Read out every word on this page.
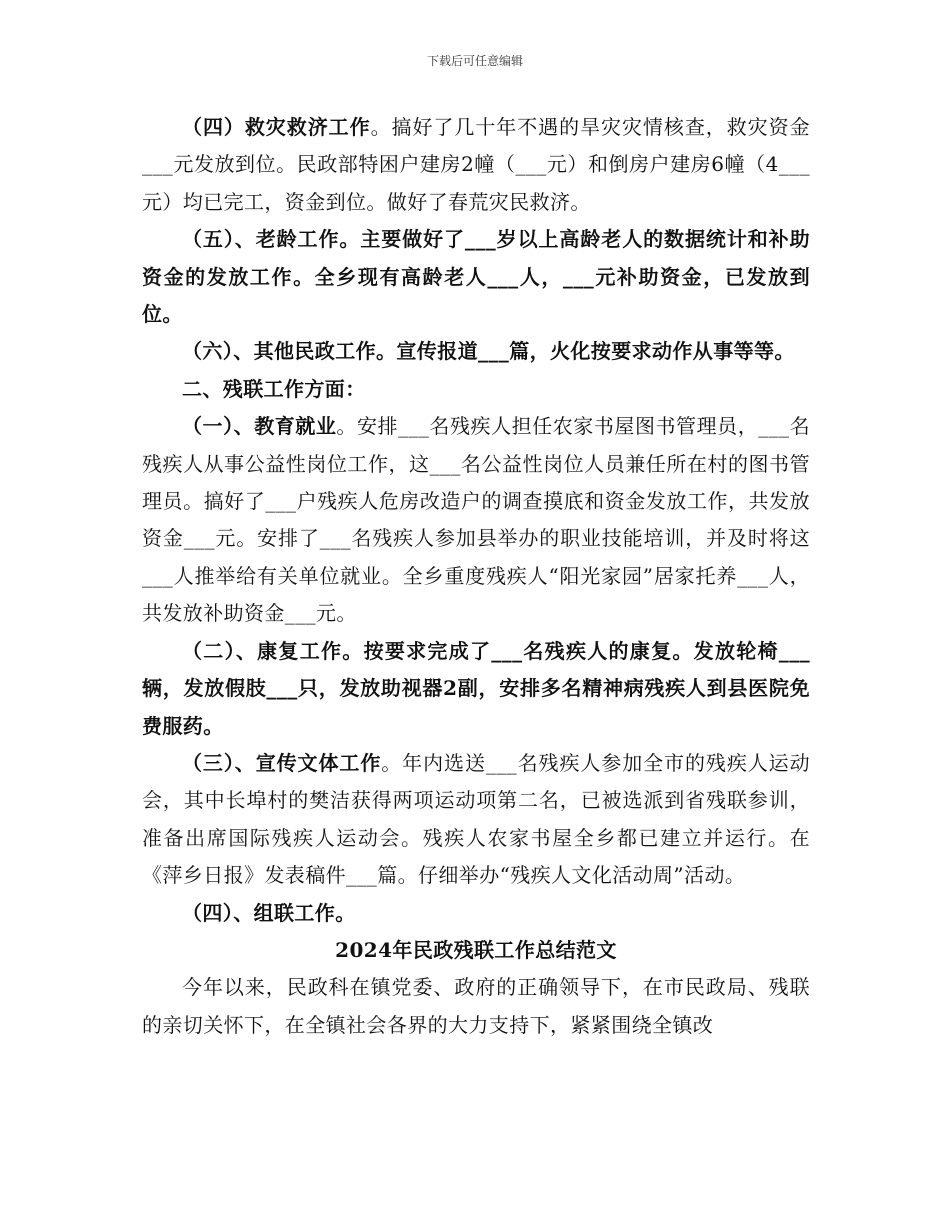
下载后可任意编辑

（四）救灾救济工作。搞好了几十年不遇的旱灾灾情核查，救灾资金___元发放到位。民政部特困户建房2幢（___元）和倒房户建房6幢（4___元）均已完工，资金到位。做好了春荒灾民救济。

（五）、老龄工作。主要做好了___岁以上高龄老人的数据统计和补助资金的发放工作。全乡现有高龄老人___人，___元补助资金，已发放到位。

（六）、其他民政工作。宣传报道___篇，火化按要求动作从事等等。

二、残联工作方面：

（一）、教育就业。安排___名残疾人担任农家书屋图书管理员，___名残疾人从事公益性岗位工作，这___名公益性岗位人员兼任所在村的图书管理员。搞好了___户残疾人危房改造户的调查摸底和资金发放工作，共发放资金___元。安排了___名残疾人参加县举办的职业技能培训，并及时将这___人推举给有关单位就业。全乡重度残疾人“阳光家园”居家托养___人，共发放补助资金___元。

（二）、康复工作。按要求完成了___名残疾人的康复。发放轮椅___辆，发放假肢___只，发放助视器2副，安排多名精神病残疾人到县医院免费服药。

（三）、宣传文体工作。年内选送___名残疾人参加全市的残疾人运动会，其中长埠村的樊洁获得两项运动项第二名，已被选派到省残联参训，准备出席国际残疾人运动会。残疾人农家书屋全乡都已建立并运行。在《萍乡日报》发表稿件___篇。仔细举办“残疾人文化活动周”活动。

（四）、组联工作。

2024年民政残联工作总结范文

今年以来，民政科在镇党委、政府的正确领导下，在市民政局、残联的亲切关怀下，在全镇社会各界的大力支持下，紧紧围绕全镇改
